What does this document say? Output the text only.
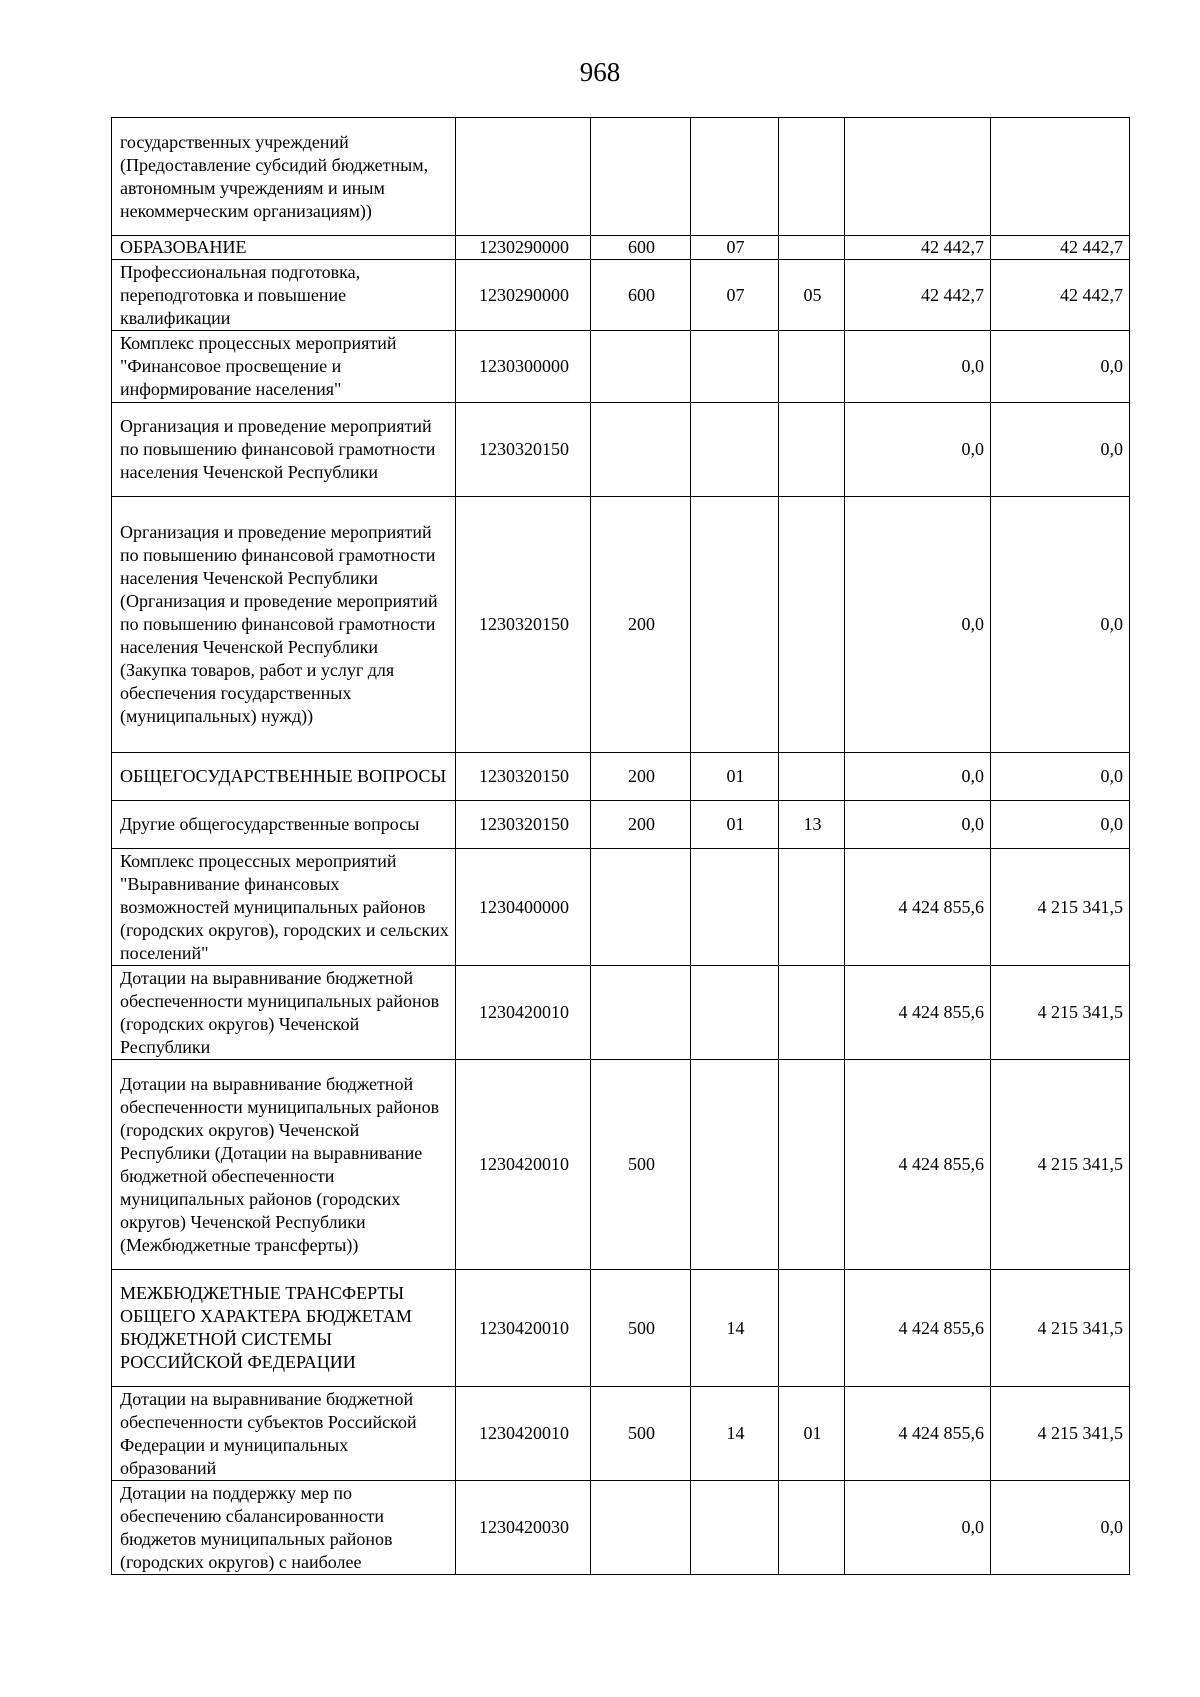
968
государственных учреждений (Предоставление субсидий бюджетным, автономным учреждениям и иным некоммерческим организациям))						
ОБРАЗОВАНИЕ	1230290000	600	07		42 442,7	42 442,7
Профессиональная подготовка, переподготовка и повышение квалификации	1230290000	600	07	05	42 442,7	42 442,7
Комплекс процессных мероприятий "Финансовое просвещение и информирование населения"	1230300000				0,0	0,0
Организация и проведение мероприятий по повышению финансовой грамотности населения Чеченской Республики	1230320150				0,0	0,0
Организация и проведение мероприятий по повышению финансовой грамотности населения Чеченской Республики (Организация и проведение мероприятий по повышению финансовой грамотности населения Чеченской Республики (Закупка товаров, работ и услуг для обеспечения государственных (муниципальных) нужд))	1230320150	200			0,0	0,0
ОБЩЕГОСУДАРСТВЕННЫЕ ВОПРОСЫ	1230320150	200	01		0,0	0,0
Другие общегосударственные вопросы	1230320150	200	01	13	0,0	0,0
Комплекс процессных мероприятий "Выравнивание финансовых возможностей муниципальных районов (городских округов), городских и сельских поселений"	1230400000				4 424 855,6	4 215 341,5
Дотации на выравнивание бюджетной обеспеченности муниципальных районов (городских округов) Чеченской Республики	1230420010				4 424 855,6	4 215 341,5
Дотации на выравнивание бюджетной обеспеченности муниципальных районов (городских округов) Чеченской Республики (Дотации на выравнивание бюджетной обеспеченности муниципальных районов (городских округов) Чеченской Республики (Межбюджетные трансферты))	1230420010	500			4 424 855,6	4 215 341,5
МЕЖБЮДЖЕТНЫЕ ТРАНСФЕРТЫ ОБЩЕГО ХАРАКТЕРА БЮДЖЕТАМ БЮДЖЕТНОЙ СИСТЕМЫ РОССИЙСКОЙ ФЕДЕРАЦИИ	1230420010	500	14		4 424 855,6	4 215 341,5
Дотации на выравнивание бюджетной обеспеченности субъектов Российской Федерации и муниципальных образований	1230420010	500	14	01	4 424 855,6	4 215 341,5
Дотации на поддержку мер по обеспечению сбалансированности бюджетов муниципальных районов (городских округов) с наиболее	1230420030				0,0	0,0
